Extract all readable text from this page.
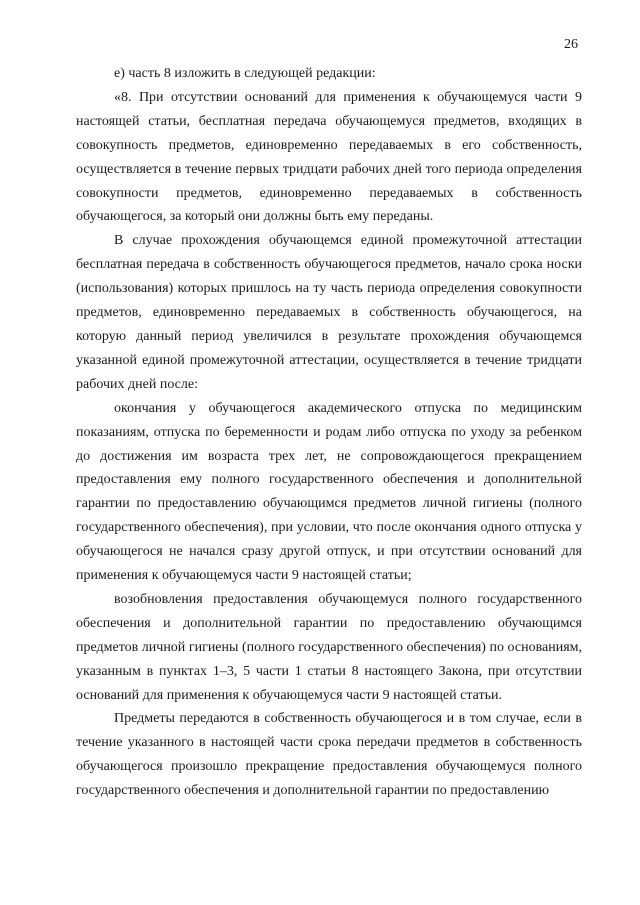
26

е) часть 8 изложить в следующей редакции:

«8. При отсутствии оснований для применения к обучающемуся части 9 настоящей статьи, бесплатная передача обучающемуся предметов, входящих в совокупность предметов, единовременно передаваемых в его собственность, осуществляется в течение первых тридцати рабочих дней того периода определения совокупности предметов, единовременно передаваемых в собственность обучающегося, за который они должны быть ему переданы.

В случае прохождения обучающемся единой промежуточной аттестации бесплатная передача в собственность обучающегося предметов, начало срока носки (использования) которых пришлось на ту часть периода определения совокупности предметов, единовременно передаваемых в собственность обучающегося, на которую данный период увеличился в результате прохождения обучающемся указанной единой промежуточной аттестации, осуществляется в течение тридцати рабочих дней после:

окончания у обучающегося академического отпуска по медицинским показаниям, отпуска по беременности и родам либо отпуска по уходу за ребенком до достижения им возраста трех лет, не сопровождающегося прекращением предоставления ему полного государственного обеспечения и дополнительной гарантии по предоставлению обучающимся предметов личной гигиены (полного государственного обеспечения), при условии, что после окончания одного отпуска у обучающегося не начался сразу другой отпуск, и при отсутствии оснований для применения к обучающемуся части 9 настоящей статьи;

возобновления предоставления обучающемуся полного государственного обеспечения и дополнительной гарантии по предоставлению обучающимся предметов личной гигиены (полного государственного обеспечения) по основаниям, указанным в пунктах 1–3, 5 части 1 статьи 8 настоящего Закона, при отсутствии оснований для применения к обучающемуся части 9 настоящей статьи.

Предметы передаются в собственность обучающегося и в том случае, если в течение указанного в настоящей части срока передачи предметов в собственность обучающегося произошло прекращение предоставления обучающемуся полного государственного обеспечения и дополнительной гарантии по предоставлению
